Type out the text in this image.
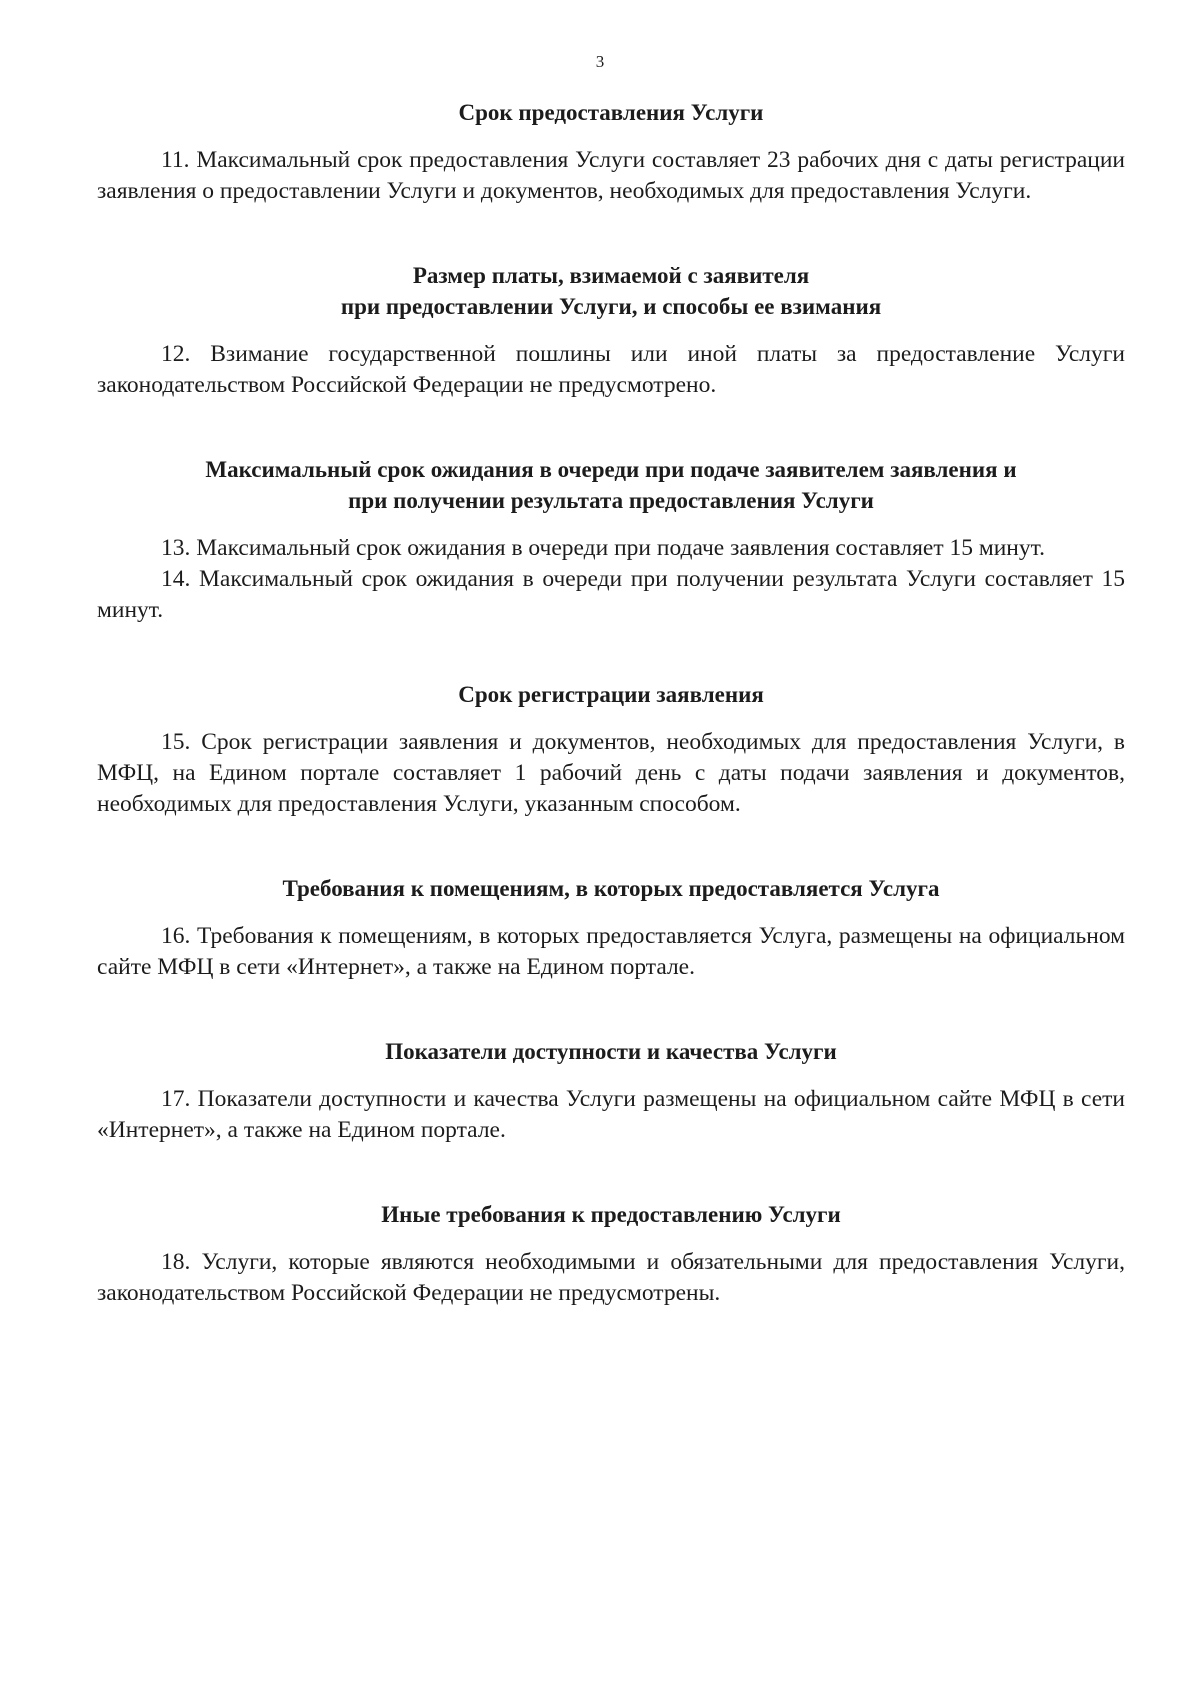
3
Срок предоставления Услуги

11. Максимальный срок предоставления Услуги составляет 23 рабочих дня с даты регистрации заявления о предоставлении Услуги и документов, необходимых для предоставления Услуги.

Размер платы, взимаемой с заявителя
при предоставлении Услуги, и способы ее взимания

12. Взимание государственной пошлины или иной платы за предоставление Услуги законодательством Российской Федерации не предусмотрено.

Максимальный срок ожидания в очереди при подаче заявителем заявления и
при получении результата предоставления Услуги

13. Максимальный срок ожидания в очереди при подаче заявления составляет 15 минут.

14. Максимальный срок ожидания в очереди при получении результата Услуги составляет 15 минут.

Срок регистрации заявления

15. Срок регистрации заявления и документов, необходимых для предоставления Услуги, в МФЦ, на Едином портале составляет 1 рабочий день с даты подачи заявления и документов, необходимых для предоставления Услуги, указанным способом.

Требования к помещениям, в которых предоставляется Услуга

16. Требования к помещениям, в которых предоставляется Услуга, размещены на официальном сайте МФЦ в сети «Интернет», а также на Едином портале.

Показатели доступности и качества Услуги

17. Показатели доступности и качества Услуги размещены на официальном сайте МФЦ в сети «Интернет», а также на Едином портале.

Иные требования к предоставлению Услуги

18. Услуги, которые являются необходимыми и обязательными для предоставления Услуги, законодательством Российской Федерации не предусмотрены.
